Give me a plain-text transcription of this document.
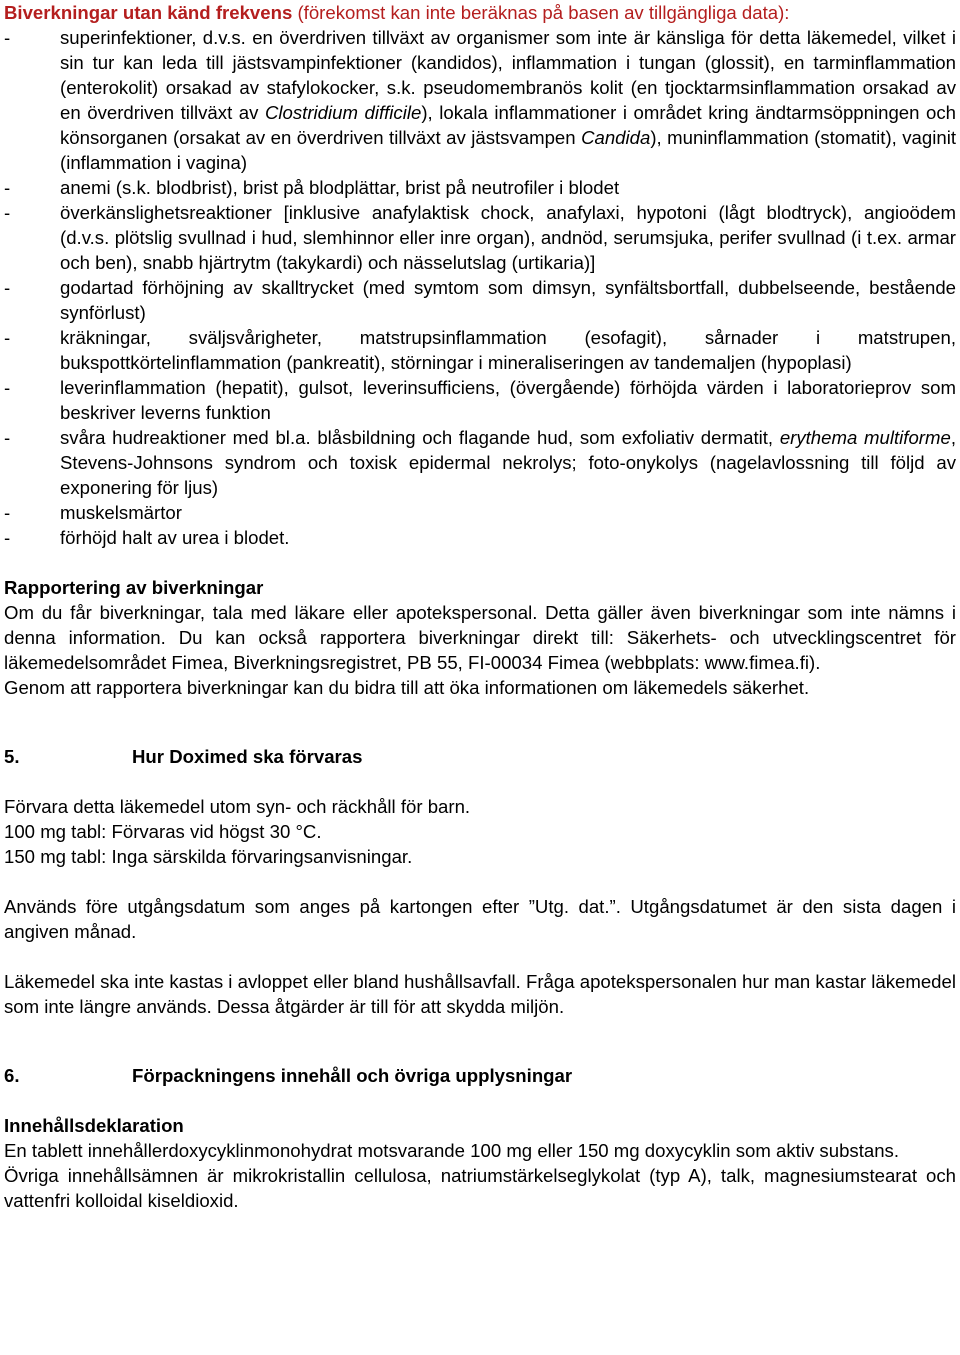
Biverkningar utan känd frekvens (förekomst kan inte beräknas på basen av tillgängliga data):

-	superinfektioner, d.v.s. en överdriven tillväxt av organismer som inte är känsliga för detta läkemedel, vilket i sin tur kan leda till jästsvampinfektioner (kandidos), inflammation i tungan (glossit), en tarminflammation (enterokolit) orsakad av stafylokocker, s.k. pseudomembranös kolit (en tjocktarmsinflammation orsakad av en överdriven tillväxt av Clostridium difficile), lokala inflammationer i området kring ändtarmsöppningen och könsorganen (orsakat av en överdriven tillväxt av jästsvampen Candida), muninflammation (stomatit), vaginit (inflammation i vagina)
-	anemi (s.k. blodbrist), brist på blodplättar, brist på neutrofiler i blodet
-	överkänslighetsreaktioner [inklusive anafylaktisk chock, anafylaxi, hypotoni (lågt blodtryck), angioödem (d.v.s. plötslig svullnad i hud, slemhinnor eller inre organ), andnöd, serumsjuka, perifer svullnad (i t.ex. armar och ben), snabb hjärtrytm (takykardi) och nässelutslag (urtikaria)]
-	godartad förhöjning av skalltrycket (med symtom som dimsyn, synfältsbortfall, dubbelseende, bestående synförlust)
-	kräkningar, sväljsvårigheter, matstrupsinflammation (esofagit), sårnader i matstrupen, bukspottkörtelinflammation (pankreatit), störningar i mineraliseringen av tandemaljen (hypoplasi)
-	leverinflammation (hepatit), gulsot, leverinsufficiens, (övergående) förhöjda värden i laboratorieprov som beskriver leverns funktion
-	svåra hudreaktioner med bl.a. blåsbildning och flagande hud, som exfoliativ dermatit, erythema multiforme, Stevens-Johnsons syndrom och toxisk epidermal nekrolys; foto-onykolys (nagelavlossning till följd av exponering för ljus)
-	muskelsmärtor
-	förhöjd halt av urea i blodet.

Rapportering av biverkningar

Om du får biverkningar, tala med läkare eller apotekspersonal. Detta gäller även biverkningar som inte nämns i denna information. Du kan också rapportera biverkningar direkt till: Säkerhets- och utvecklingscentret för läkemedelsområdet Fimea, Biverkningsregistret, PB 55, FI-00034 Fimea (webbplats: www.fimea.fi).

Genom att rapportera biverkningar kan du bidra till att öka informationen om läkemedels säkerhet.

5.	Hur Doximed ska förvaras

Förvara detta läkemedel utom syn- och räckhåll för barn.

100 mg tabl: Förvaras vid högst 30 °C.

150 mg tabl: Inga särskilda förvaringsanvisningar.

Används före utgångsdatum som anges på kartongen efter ”Utg. dat.”. Utgångsdatumet är den sista dagen i angiven månad.

Läkemedel ska inte kastas i avloppet eller bland hushållsavfall. Fråga apotekspersonalen hur man kastar läkemedel som inte längre används. Dessa åtgärder är till för att skydda miljön.

6.	Förpackningens innehåll och övriga upplysningar

Innehållsdeklaration

En tablett innehållerdoxycyklinmonohydrat motsvarande 100 mg eller 150 mg doxycyklin som aktiv substans.

Övriga innehållsämnen är mikrokristallin cellulosa, natriumstärkelseglykolat (typ A), talk, magnesiumstearat och vattenfri kolloidal kiseldioxid.
